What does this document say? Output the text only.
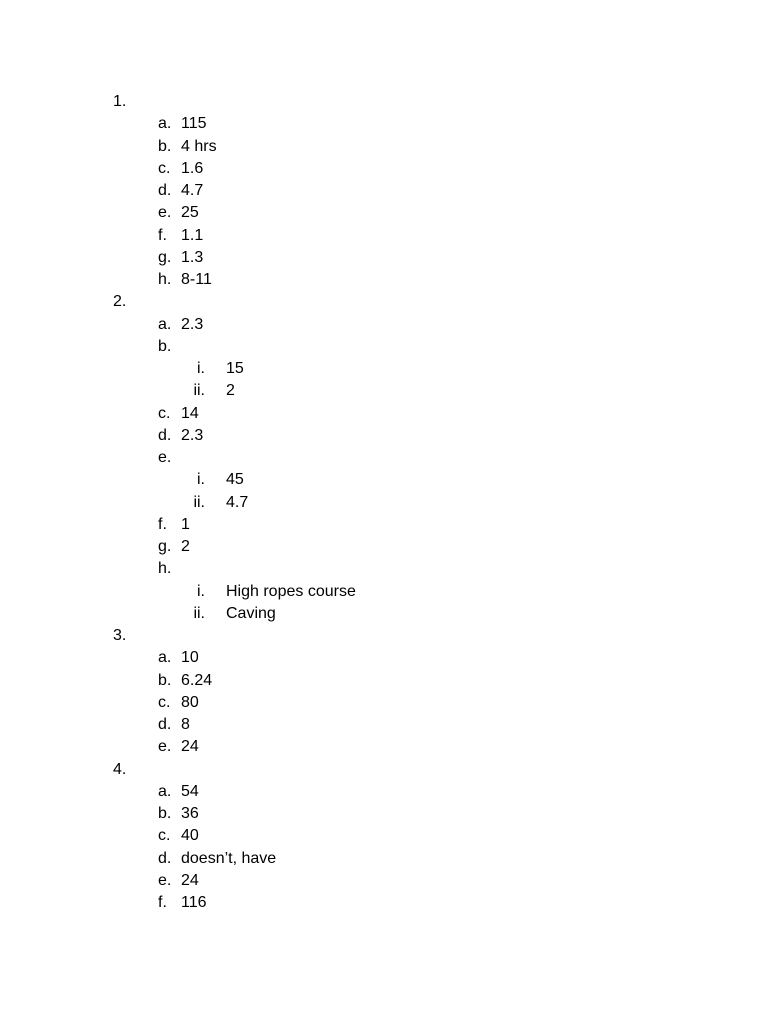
1.
a. 115
b. 4 hrs
c. 1.6
d. 4.7
e. 25
f. 1.1
g. 1.3
h. 8-11
2.
a. 2.3
b.
i. 15
ii. 2
c. 14
d. 2.3
e.
i. 45
ii. 4.7
f. 1
g. 2
h.
i. High ropes course
ii. Caving
3.
a. 10
b. 6.24
c. 80
d. 8
e. 24
4.
a. 54
b. 36
c. 40
d. doesn’t, have
e. 24
f. 116
